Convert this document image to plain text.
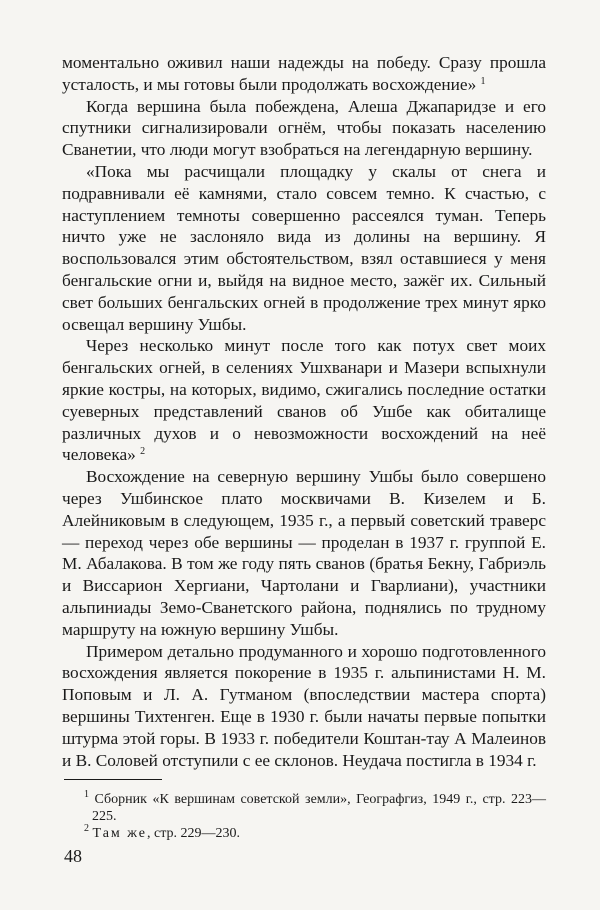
моментально оживил наши надежды на победу. Сразу прошла усталость, и мы готовы были продолжать восхождение» $^1$

Когда вершина была побеждена, Алеша Джапаридзе и его спутники сигнализировали огнём, чтобы показать населению Сванетии, что люди могут взобраться на легендарную вершину.

«Пока мы расчищали площадку у скалы от снега и подравнивали её камнями, стало совсем темно. К счастью, с наступлением темноты совершенно рассеялся туман. Теперь ничто уже не заслоняло вида из долины на вершину. Я воспользовался этим обстоятельством, взял оставшиеся у меня бенгальские огни и, выйдя на видное место, зажёг их. Сильный свет больших бенгальских огней в продолжение трех минут ярко освещал вершину Ушбы.

Через несколько минут после того как потух свет моих бенгальских огней, в селениях Ушхванари и Мазери вспыхнули яркие костры, на которых, видимо, сжигались последние остатки суеверных представлений сванов об Ушбе как обиталище различных духов и о невозможности восхождений на неё человека» $^2$

Восхождение на северную вершину Ушбы было совершено через Ушбинское плато москвичами В. Кизелем и Б. Алейниковым в следующем, 1935 г., а первый советский траверс — переход через обе вершины — проделан в 1937 г. группой Е. М. Абалакова. В том же году пять сванов (братья Бекну, Габриэль и Виссарион Хергиани, Чартолани и Гварлиани), участники альпиниады Земо-Сванетского района, поднялись по трудному маршруту на южную вершину Ушбы.

Примером детально продуманного и хорошо подготовленного восхождения является покорение в 1935 г. альпинистами Н. М. Поповым и Л. А. Гутманом (впоследствии мастера спорта) вершины Тихтенген. Еще в 1930 г. были начаты первые попытки штурма этой горы. В 1933 г. победители Коштан-тау А Малеинов и В. Соловей отступили с ее склонов. Неудача постигла в 1934 г.

$^1$ Сборник «К вершинам советской земли», Географгиз, 1949 г., стр. 223—225.

$^2$ Там же, стр. 229—230.

48
